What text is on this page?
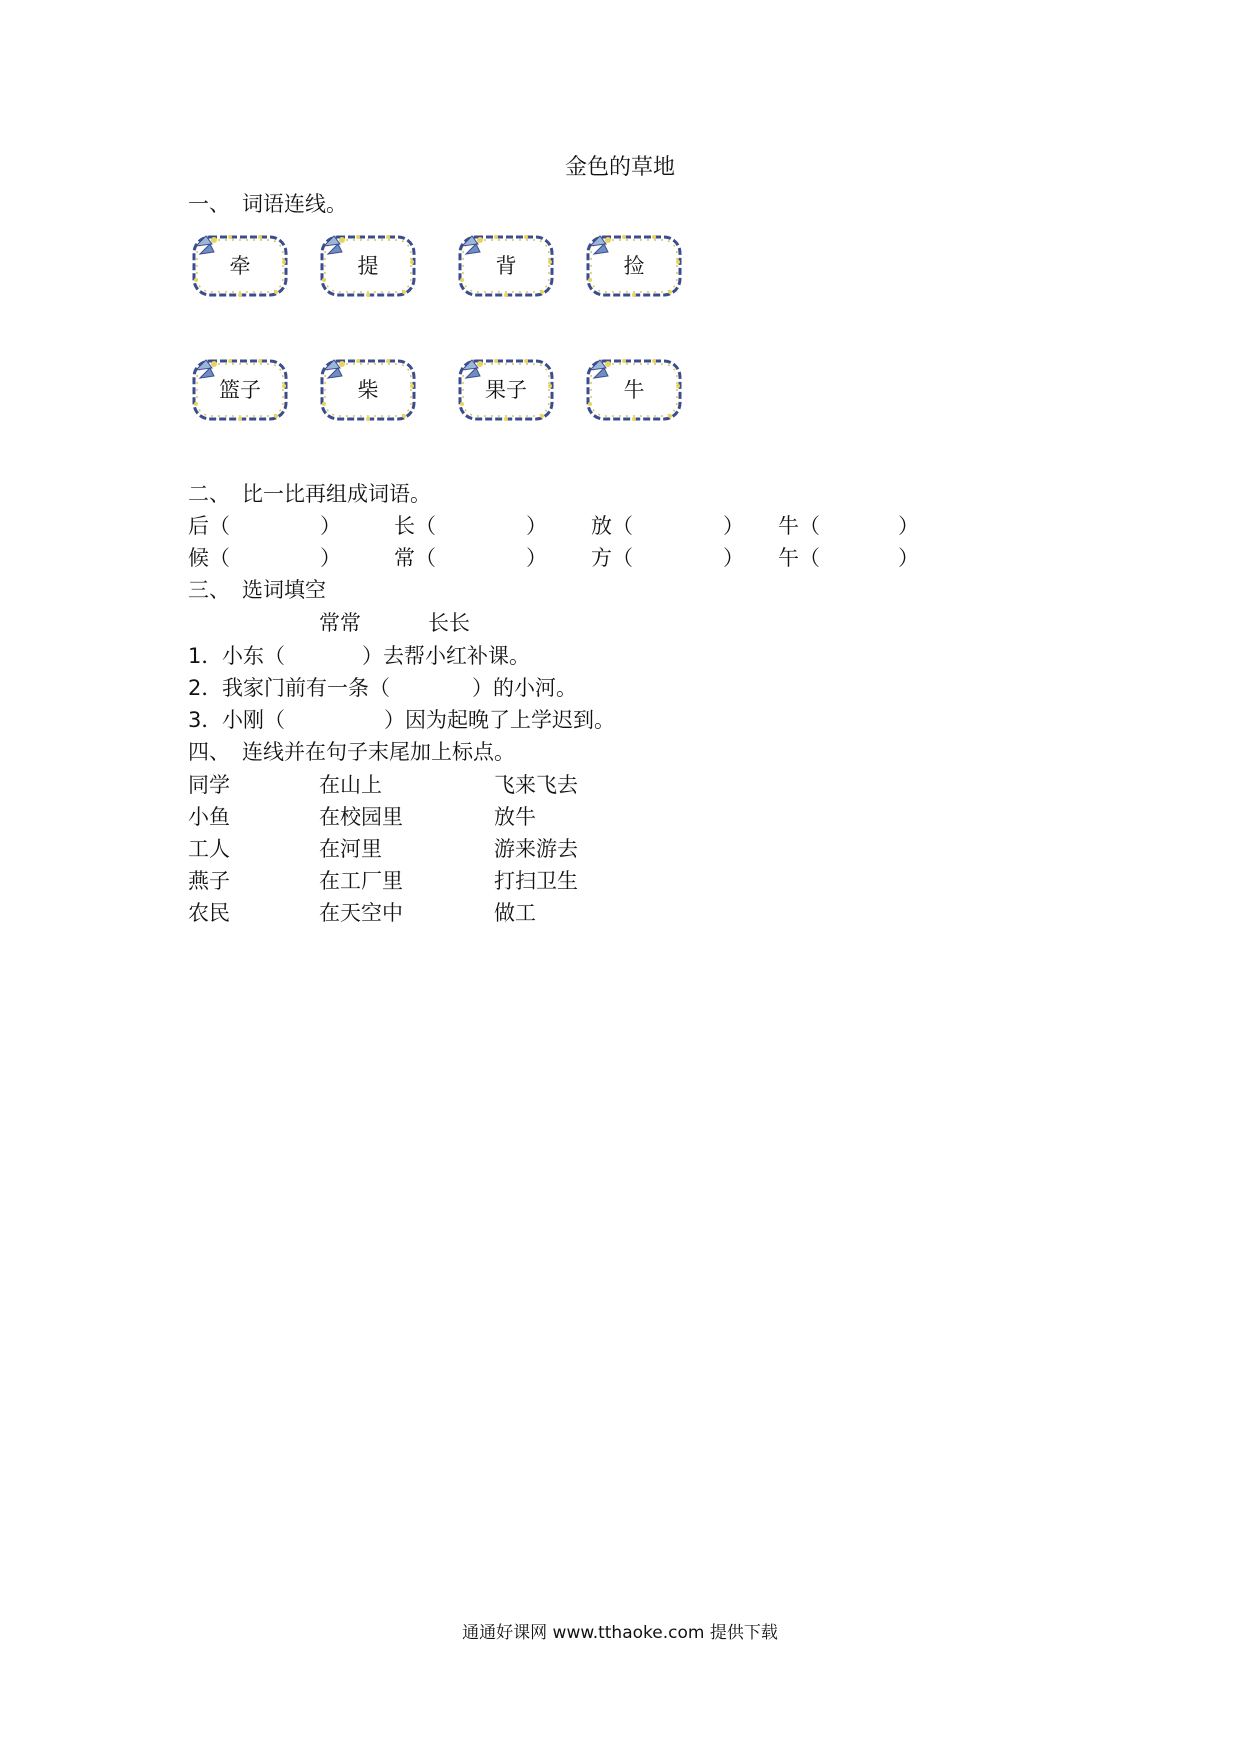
金色的草地
一、 词语连线。
牵	提	背	捡
篮子	柴	果子	牛
二、 比一比再组成词语。
后（	）	长（	） 放（	） 牛（	）
候（	）	常（	） 方（	） 午（	）
三、 选词填空
常常	长长
1． 小东（	）去帮小红补课。
2． 我家门前有一条（	）的小河。
3． 小刚（	）因为起晚了上学迟到。
四、 连线并在句子末尾加上标点。
同学	在山上	飞来飞去
小鱼	在校园里	放牛
工人	在河里	游来游去
燕子	在工厂里	打扫卫生
农民	在天空中	做工
通通好课网 www.tthaoke.com 提供下载
